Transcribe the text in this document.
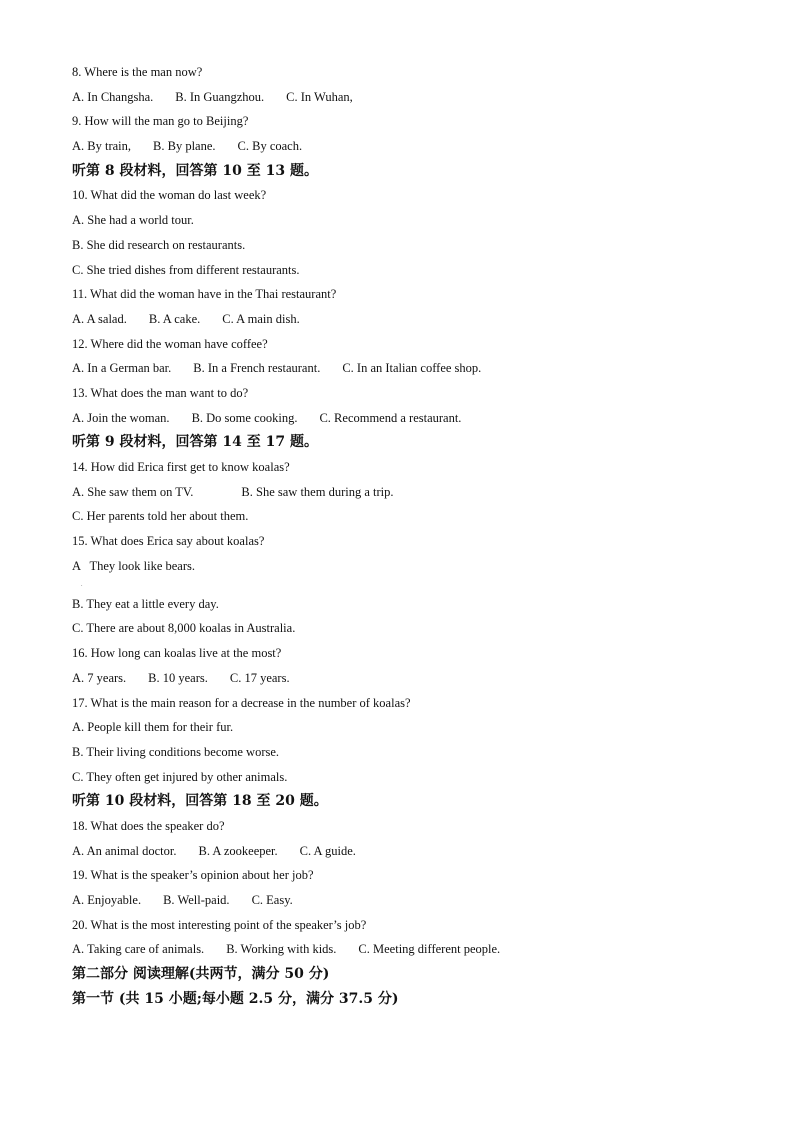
8. Where is the man now?
A. In Changsha. B. In Guangzhou. C. In Wuhan,
9. How will the man go to Beijing?
A. By train, B. By plane. C. By coach.
听第 8 段材料，回答第 10 至 13 题。
10. What did the woman do last week?
A. She had a world tour.
B. She did research on restaurants.
C. She tried dishes from different restaurants.
11. What did the woman have in the Thai restaurant?
A. A salad. B. A cake. C. A main dish.
12. Where did the woman have coffee?
A. In a German bar. B. In a French restaurant. C. In an Italian coffee shop.
13. What does the man want to do?
A. Join the woman. B. Do some cooking. C. Recommend a restaurant.
听第 9 段材料，回答第 14 至 17 题。
14. How did Erica first get to know koalas?
A. She saw them on TV.	B. She saw them during a trip.
C. Her parents told her about them.
15. What does Erica say about koalas?
A   They look like bears.
.
B. They eat a little every day.
C. There are about 8,000 koalas in Australia.
16. How long can koalas live at the most?
A. 7 years. B. 10 years. C. 17 years.
17. What is the main reason for a decrease in the number of koalas?
A. People kill them for their fur.
B. Their living conditions become worse.
C. They often get injured by other animals.
听第 10 段材料，回答第 18 至 20 题。
18. What does the speaker do?
A. An animal doctor. B. A zookeeper. C. A guide.
19. What is the speaker’s opinion about her job?
A. Enjoyable. B. Well-paid. C. Easy.
20. What is the most interesting point of the speaker’s job?
A. Taking care of animals. B. Working with kids. C. Meeting different people.
第二部分 阅读理解(共两节，满分 50 分)
第一节 (共 15 小题;每小题 2.5 分，满分 37.5 分)
